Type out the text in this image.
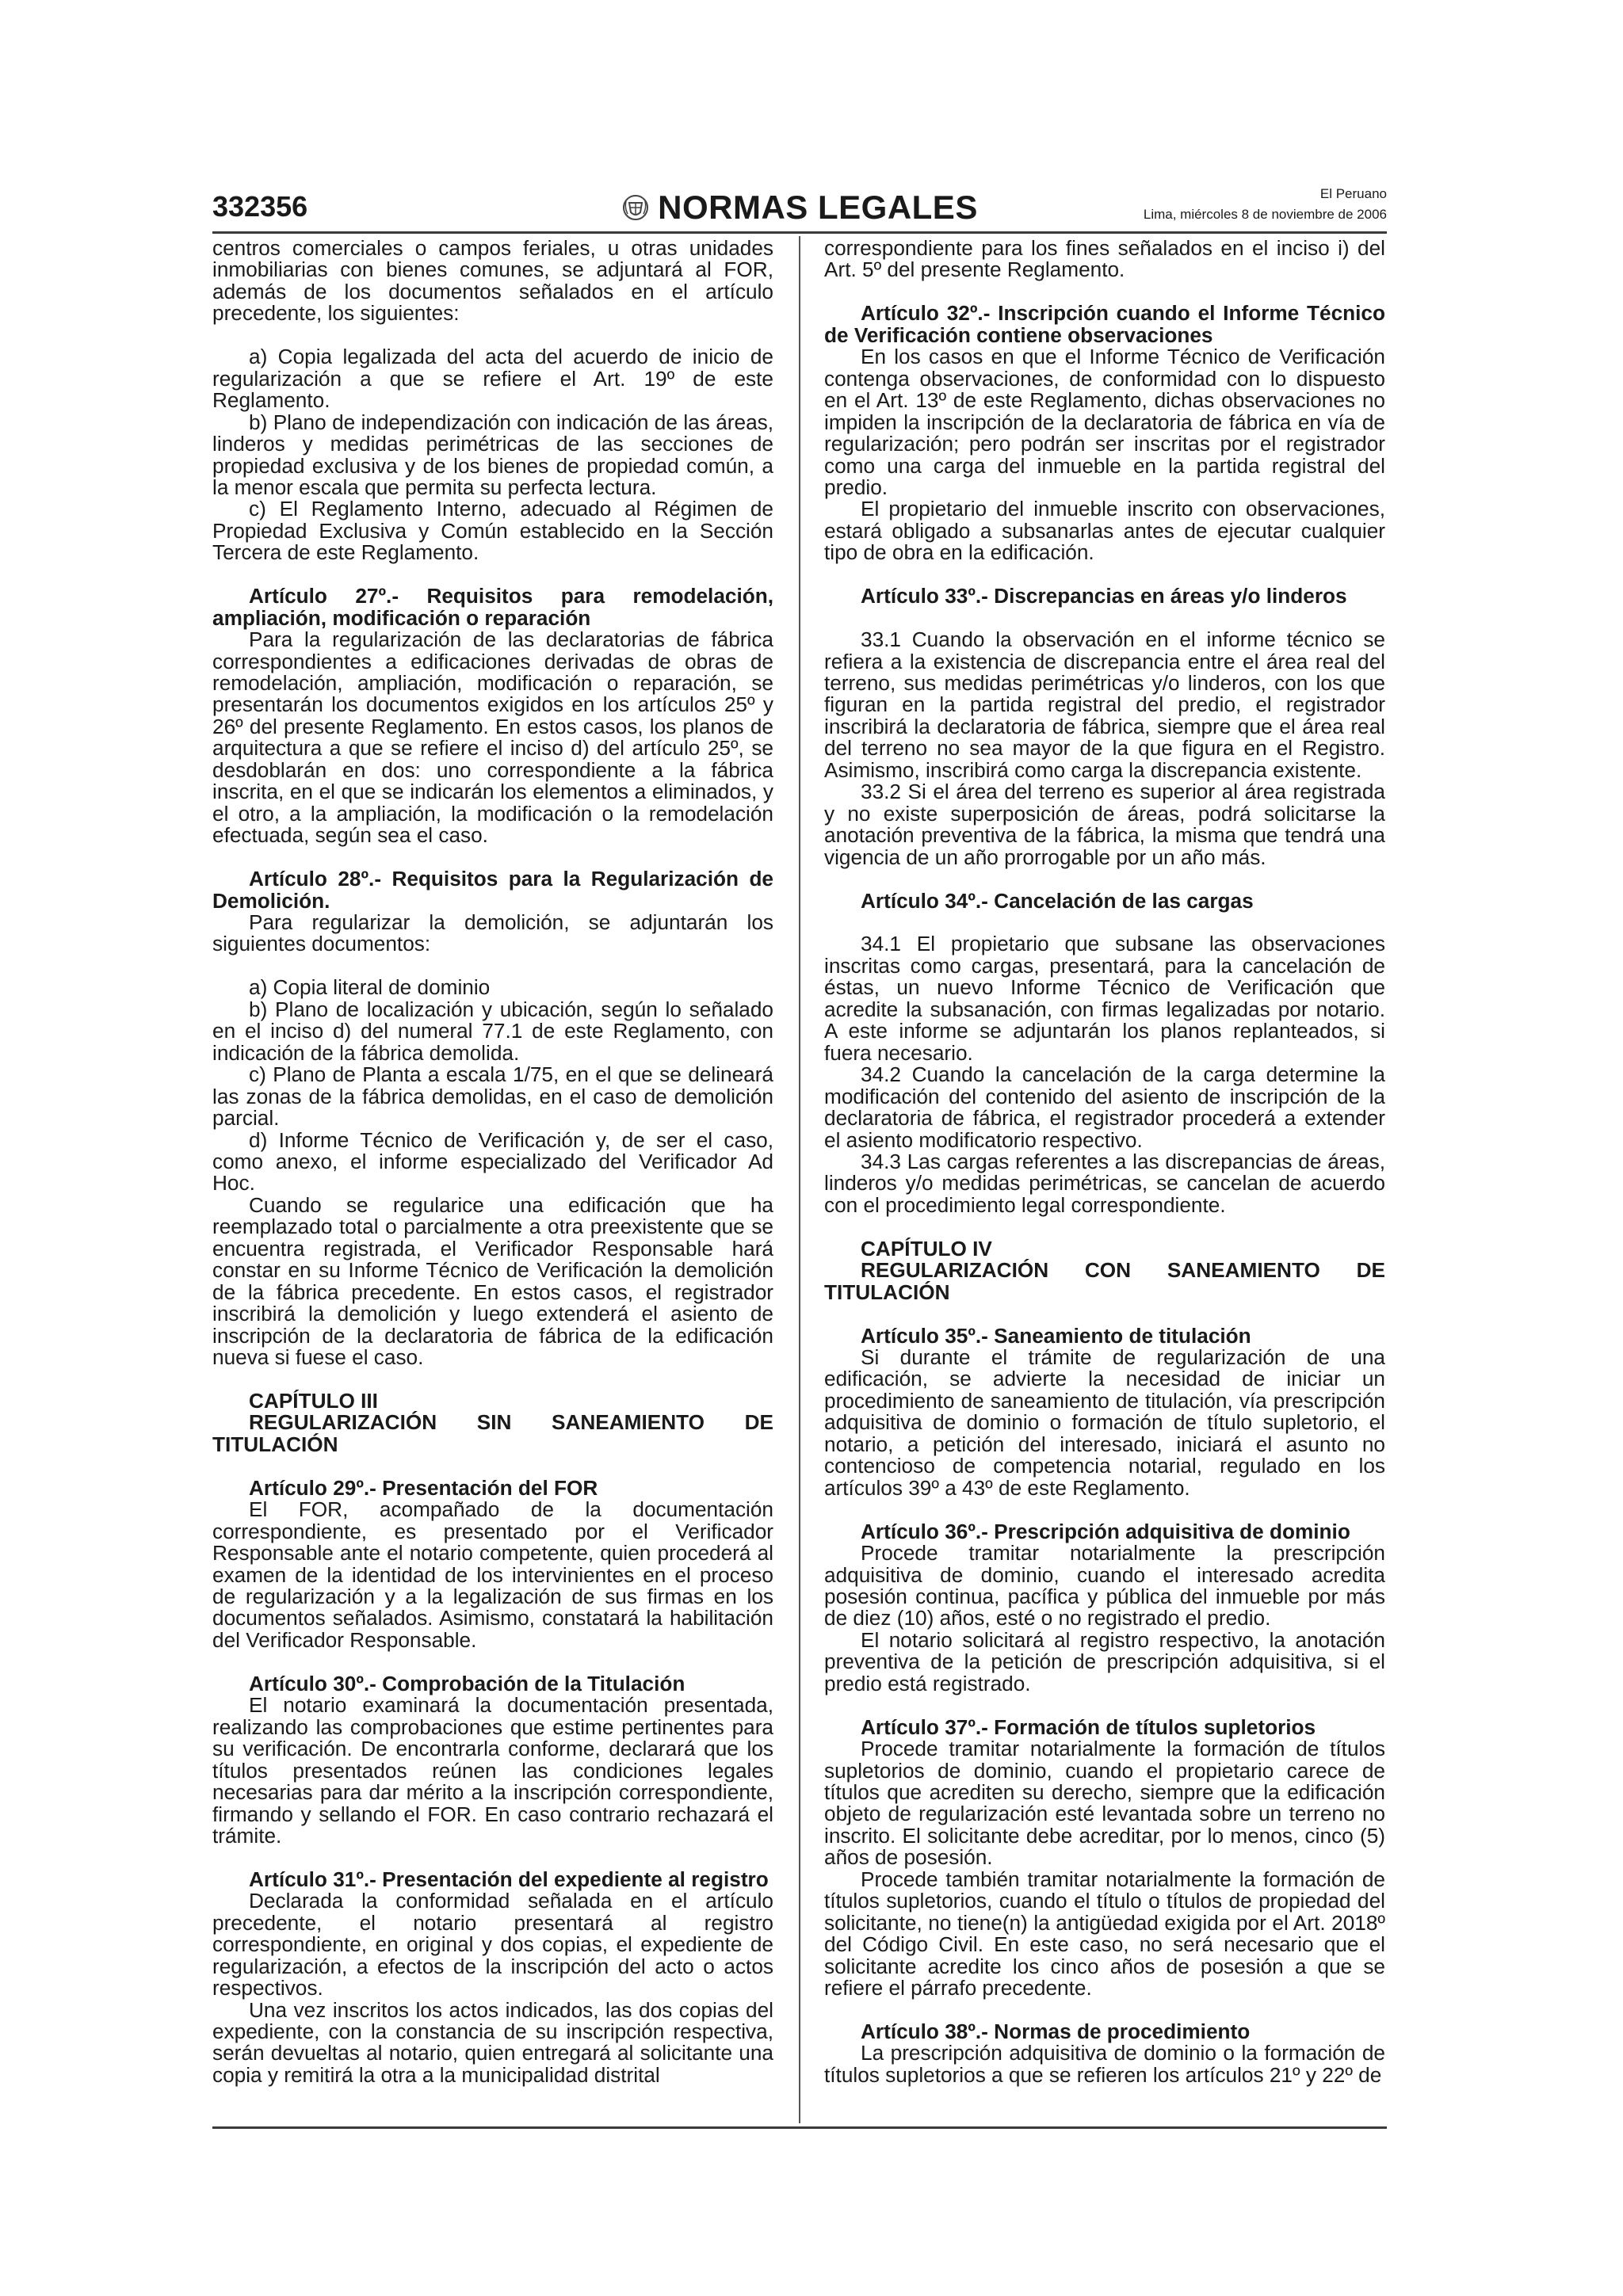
332356	NORMAS LEGALES	El Peruano
Lima, miércoles 8 de noviembre de 2006

centros comerciales o campos feriales, u otras unidades inmobiliarias con bienes comunes, se adjuntará al FOR, además de los documentos señalados en el artículo precedente, los siguientes:

a) Copia legalizada del acta del acuerdo de inicio de regularización a que se refiere el Art. 19º de este Reglamento.

b) Plano de independización con indicación de las áreas, linderos y medidas perimétricas de las secciones de propiedad exclusiva y de los bienes de propiedad común, a la menor escala que permita su perfecta lectura.

c) El Reglamento Interno, adecuado al Régimen de Propiedad Exclusiva y Común establecido en la Sección Tercera de este Reglamento.

Artículo 27º.- Requisitos para remodelación, ampliación, modificación o reparación

Para la regularización de las declaratorias de fábrica correspondientes a edificaciones derivadas de obras de remodelación, ampliación, modificación o reparación, se presentarán los documentos exigidos en los artículos 25º y 26º del presente Reglamento. En estos casos, los planos de arquitectura a que se refiere el inciso d) del artículo 25º, se desdoblarán en dos: uno correspondiente a la fábrica inscrita, en el que se indicarán los elementos a eliminados, y el otro, a la ampliación, la modificación o la remodelación efectuada, según sea el caso.

Artículo 28º.- Requisitos para la Regularización de Demolición.

Para regularizar la demolición, se adjuntarán los siguientes documentos:

a) Copia literal de dominio

b) Plano de localización y ubicación, según lo señalado en el inciso d) del numeral 77.1 de este Reglamento, con indicación de la fábrica demolida.

c) Plano de Planta a escala 1/75, en el que se delineará las zonas de la fábrica demolidas, en el caso de demolición parcial.

d) Informe Técnico de Verificación y, de ser el caso, como anexo, el informe especializado del Verificador Ad Hoc.

Cuando se regularice una edificación que ha reemplazado total o parcialmente a otra preexistente que se encuentra registrada, el Verificador Responsable hará constar en su Informe Técnico de Verificación la demolición de la fábrica precedente. En estos casos, el registrador inscribirá la demolición y luego extenderá el asiento de inscripción de la declaratoria de fábrica de la edificación nueva si fuese el caso.

CAPÍTULO III
REGULARIZACIÓN SIN SANEAMIENTO DE
TITULACIÓN
Artículo 29º.- Presentación del FOR

El FOR, acompañado de la documentación correspondiente, es presentado por el Verificador Responsable ante el notario competente, quien procederá al examen de la identidad de los intervinientes en el proceso de regularización y a la legalización de sus firmas en los documentos señalados. Asimismo, constatará la habilitación del Verificador Responsable.

Artículo 30º.- Comprobación de la Titulación

El notario examinará la documentación presentada, realizando las comprobaciones que estime pertinentes para su verificación. De encontrarla conforme, declarará que los títulos presentados reúnen las condiciones legales necesarias para dar mérito a la inscripción correspondiente, firmando y sellando el FOR. En caso contrario rechazará el trámite.

Artículo 31º.- Presentación del expediente al registro

Declarada la conformidad señalada en el artículo precedente, el notario presentará al registro correspondiente, en original y dos copias, el expediente de regularización, a efectos de la inscripción del acto o actos respectivos.

Una vez inscritos los actos indicados, las dos copias del expediente, con la constancia de su inscripción respectiva, serán devueltas al notario, quien entregará al solicitante una copia y remitirá la otra a la municipalidad distrital

correspondiente para los fines señalados en el inciso i) del Art. 5º del presente Reglamento.

Artículo 32º.- Inscripción cuando el Informe Técnico de Verificación contiene observaciones

En los casos en que el Informe Técnico de Verificación contenga observaciones, de conformidad con lo dispuesto en el Art. 13º de este Reglamento, dichas observaciones no impiden la inscripción de la declaratoria de fábrica en vía de regularización; pero podrán ser inscritas por el registrador como una carga del inmueble en la partida registral del predio.

El propietario del inmueble inscrito con observaciones, estará obligado a subsanarlas antes de ejecutar cualquier tipo de obra en la edificación.

Artículo 33º.- Discrepancias en áreas y/o linderos

33.1 Cuando la observación en el informe técnico se refiera a la existencia de discrepancia entre el área real del terreno, sus medidas perimétricas y/o linderos, con los que figuran en la partida registral del predio, el registrador inscribirá la declaratoria de fábrica, siempre que el área real del terreno no sea mayor de la que figura en el Registro. Asimismo, inscribirá como carga la discrepancia existente.

33.2 Si el área del terreno es superior al área registrada y no existe superposición de áreas, podrá solicitarse la anotación preventiva de la fábrica, la misma que tendrá una vigencia de un año prorrogable por un año más.

Artículo 34º.- Cancelación de las cargas

34.1 El propietario que subsane las observaciones inscritas como cargas, presentará, para la cancelación de éstas, un nuevo Informe Técnico de Verificación que acredite la subsanación, con firmas legalizadas por notario. A este informe se adjuntarán los planos replanteados, si fuera necesario.

34.2 Cuando la cancelación de la carga determine la modificación del contenido del asiento de inscripción de la declaratoria de fábrica, el registrador procederá a extender el asiento modificatorio respectivo.

34.3 Las cargas referentes a las discrepancias de áreas, linderos y/o medidas perimétricas, se cancelan de acuerdo con el procedimiento legal correspondiente.

CAPÍTULO IV
REGULARIZACIÓN CON SANEAMIENTO DE
TITULACIÓN
Artículo 35º.- Saneamiento de titulación

Si durante el trámite de regularización de una edificación, se advierte la necesidad de iniciar un procedimiento de saneamiento de titulación, vía prescripción adquisitiva de dominio o formación de título supletorio, el notario, a petición del interesado, iniciará el asunto no contencioso de competencia notarial, regulado en los artículos 39º a 43º de este Reglamento.

Artículo 36º.- Prescripción adquisitiva de dominio

Procede tramitar notarialmente la prescripción adquisitiva de dominio, cuando el interesado acredita posesión continua, pacífica y pública del inmueble por más de diez (10) años, esté o no registrado el predio.

El notario solicitará al registro respectivo, la anotación preventiva de la petición de prescripción adquisitiva, si el predio está registrado.

Artículo 37º.- Formación de títulos supletorios

Procede tramitar notarialmente la formación de títulos supletorios de dominio, cuando el propietario carece de títulos que acrediten su derecho, siempre que la edificación objeto de regularización esté levantada sobre un terreno no inscrito. El solicitante debe acreditar, por lo menos, cinco (5) años de posesión.

Procede también tramitar notarialmente la formación de títulos supletorios, cuando el título o títulos de propiedad del solicitante, no tiene(n) la antigüedad exigida por el Art. 2018º del Código Civil. En este caso, no será necesario que el solicitante acredite los cinco años de posesión a que se refiere el párrafo precedente.

Artículo 38º.- Normas de procedimiento

La prescripción adquisitiva de dominio o la formación de títulos supletorios a que se refieren los artículos 21º y 22º de
